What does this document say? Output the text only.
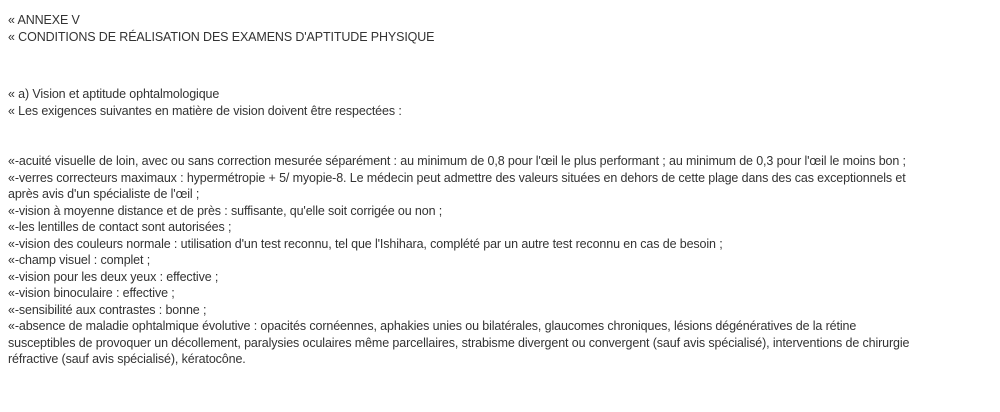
« ANNEXE V
« CONDITIONS DE RÉALISATION DES EXAMENS D'APTITUDE PHYSIQUE
« a) Vision et aptitude ophtalmologique
« Les exigences suivantes en matière de vision doivent être respectées :
«-acuité visuelle de loin, avec ou sans correction mesurée séparément : au minimum de 0,8 pour l'œil le plus performant ; au minimum de 0,3 pour l'œil le moins bon ;
«-verres correcteurs maximaux : hypermétropie + 5/ myopie-8. Le médecin peut admettre des valeurs situées en dehors de cette plage dans des cas exceptionnels et
après avis d'un spécialiste de l'œil ;
«-vision à moyenne distance et de près : suffisante, qu'elle soit corrigée ou non ;
«-les lentilles de contact sont autorisées ;
«-vision des couleurs normale : utilisation d'un test reconnu, tel que l'Ishihara, complété par un autre test reconnu en cas de besoin ;
«-champ visuel : complet ;
«-vision pour les deux yeux : effective ;
«-vision binoculaire : effective ;
«-sensibilité aux contrastes : bonne ;
«-absence de maladie ophtalmique évolutive : opacités cornéennes, aphakies unies ou bilatérales, glaucomes chroniques, lésions dégénératives de la rétine
susceptibles de provoquer un décollement, paralysies oculaires même parcellaires, strabisme divergent ou convergent (sauf avis spécialisé), interventions de chirurgie
réfractive (sauf avis spécialisé), kératocône.
